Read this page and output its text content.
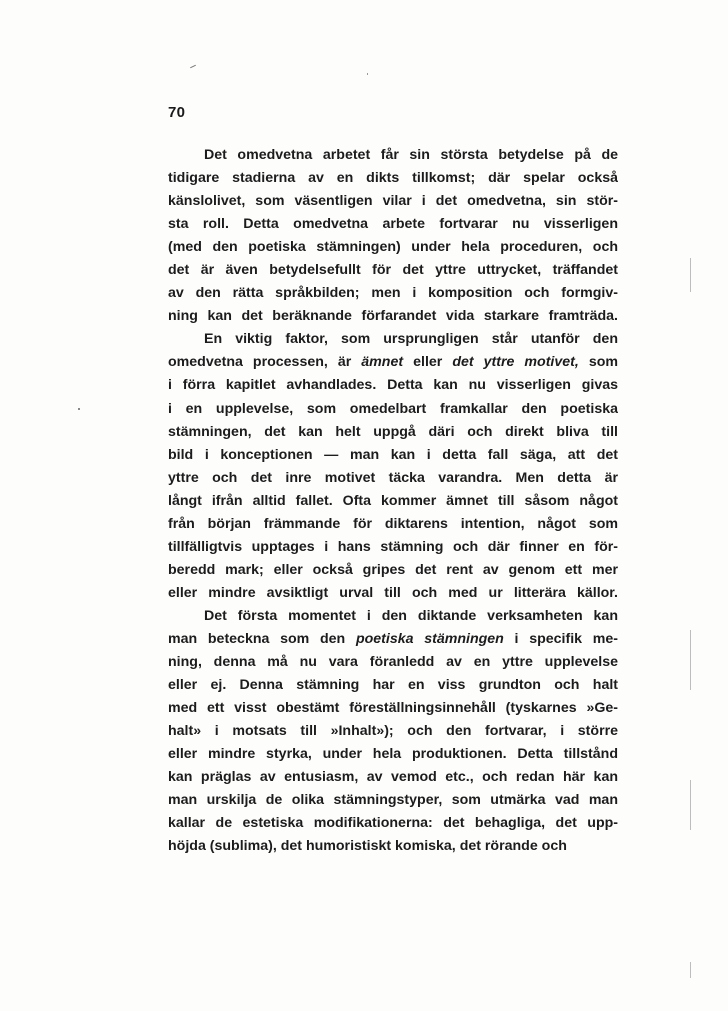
70
Det omedvetna arbetet får sin största betydelse på de
tidigare stadierna av en dikts tillkomst; där spelar också
känslolivet, som väsentligen vilar i det omedvetna, sin stör-
sta roll. Detta omedvetna arbete fortvarar nu visserligen
(med den poetiska stämningen) under hela proceduren, och
det är även betydelsefullt för det yttre uttrycket, träffandet
av den rätta språkbilden; men i komposition och formgiv-
ning kan det beräknande förfarandet vida starkare framträda.
En viktig faktor, som ursprungligen står utanför den
omedvetna processen, är ämnet eller det yttre motivet, som
i förra kapitlet avhandlades. Detta kan nu visserligen givas
i en upplevelse, som omedelbart framkallar den poetiska
stämningen, det kan helt uppgå däri och direkt bliva till
bild i konceptionen — man kan i detta fall säga, att det
yttre och det inre motivet täcka varandra. Men detta är
långt ifrån alltid fallet. Ofta kommer ämnet till såsom något
från början främmande för diktarens intention, något som
tillfälligtvis upptages i hans stämning och där finner en för-
beredd mark; eller också gripes det rent av genom ett mer
eller mindre avsiktligt urval till och med ur litterära källor.
Det första momentet i den diktande verksamheten kan
man beteckna som den poetiska stämningen i specifik me-
ning, denna må nu vara föranledd av en yttre upplevelse
eller ej. Denna stämning har en viss grundton och halt
med ett visst obestämt föreställningsinnehåll (tyskarnes »Ge-
halt» i motsats till »Inhalt»); och den fortvarar, i större
eller mindre styrka, under hela produktionen. Detta tillstånd
kan präglas av entusiasm, av vemod etc., och redan här kan
man urskilja de olika stämningstyper, som utmärka vad man
kallar de estetiska modifikationerna: det behagliga, det upp-
höjda (sublima), det humoristiskt komiska, det rörande och
